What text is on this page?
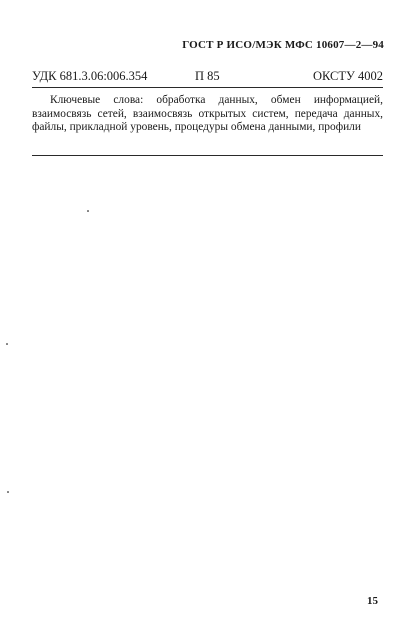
ГОСТ Р ИСО/МЭК МФС 10607—2—94
УДК 681.3.06:006.354	П 85	ОКСТУ 4002
Ключевые слова: обработка данных, обмен информацией, взаимосвязь сетей, взаимосвязь открытых систем, передача данных, файлы, прикладной уровень, процедуры обмена данными, профили
15
